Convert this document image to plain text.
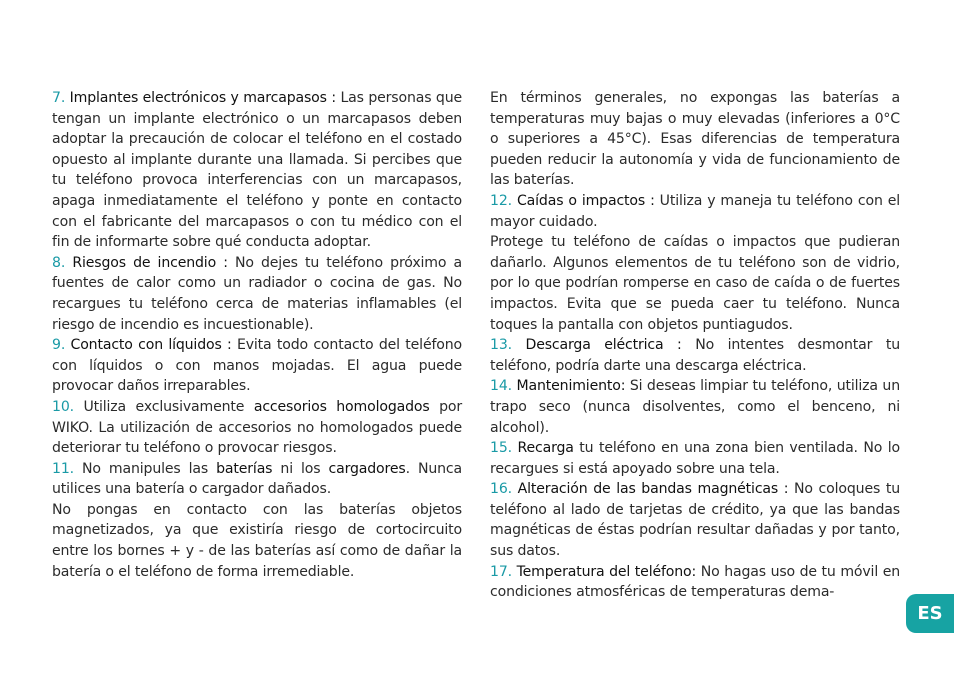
7. Implantes electrónicos y marcapasos : Las personas que tengan un implante electrónico o un marcapasos deben adoptar la precaución de colocar el teléfono en el costado opuesto al implante durante una llamada. Si percibes que tu teléfono provoca interferencias con un marcapasos, apaga inmediatamente el teléfono y ponte en contacto con el fabricante del marcapasos o con tu médico con el fin de informarte sobre qué conducta adoptar.

8. Riesgos de incendio : No dejes tu teléfono próximo a fuentes de calor como un radiador o cocina de gas. No recargues tu teléfono cerca de materias inflamables (el riesgo de incendio es incuestionable).

9. Contacto con líquidos : Evita todo contacto del teléfono con líquidos o con manos mojadas. El agua puede provocar daños irreparables.

10. Utiliza exclusivamente accesorios homologados por WIKO. La utilización de accesorios no homologados puede deteriorar tu teléfono o provocar riesgos.

11. No manipules las baterías ni los cargadores. Nunca utilices una batería o cargador dañados.

No pongas en contacto con las baterías objetos magnetizados, ya que existiría riesgo de cortocircuito entre los bornes + y - de las baterías así como de dañar la batería o el teléfono de forma irremediable.

En términos generales, no expongas las baterías a temperaturas muy bajas o muy elevadas (inferiores a 0°C o superiores a 45°C). Esas diferencias de temperatura pueden reducir la autonomía y vida de funcionamiento de las baterías.

12. Caídas o impactos : Utiliza y maneja tu teléfono con el mayor cuidado.

Protege tu teléfono de caídas o impactos que pudieran dañarlo. Algunos elementos de tu teléfono son de vidrio, por lo que podrían romperse en caso de caída o de fuertes impactos. Evita que se pueda caer tu teléfono. Nunca toques la pantalla con objetos puntiagudos.

13. Descarga eléctrica : No intentes desmontar tu teléfono, podría darte una descarga eléctrica.

14. Mantenimiento: Si deseas limpiar tu teléfono, utiliza un trapo seco (nunca disolventes, como el benceno, ni alcohol).

15. Recarga tu teléfono en una zona bien ventilada. No lo recargues si está apoyado sobre una tela.

16. Alteración de las bandas magnéticas : No coloques tu teléfono al lado de tarjetas de crédito, ya que las bandas magnéticas de éstas podrían resultar dañadas y por tanto, sus datos.

17. Temperatura del teléfono: No hagas uso de tu móvil en condiciones atmosféricas de temperaturas dema-

ES
